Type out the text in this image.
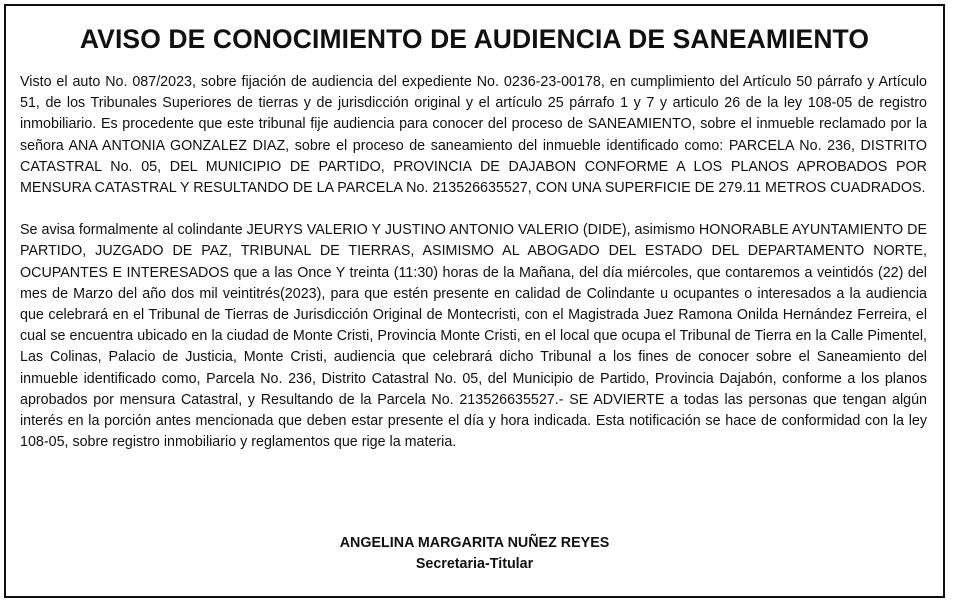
AVISO DE CONOCIMIENTO DE AUDIENCIA DE SANEAMIENTO

Visto el auto No. 087/2023, sobre fijación de audiencia del expediente No. 0236-23-00178, en cumplimiento del Artículo 50 párrafo y Artículo 51, de los Tribunales Superiores de tierras y de jurisdicción original y el artículo 25 párrafo 1 y 7 y articulo 26 de la ley 108-05 de registro inmobiliario. Es procedente que este tribunal fije audiencia para conocer del proceso de SANEAMIENTO, sobre el inmueble reclamado por la señora ANA ANTONIA GONZALEZ DIAZ, sobre el proceso de saneamiento del inmueble identificado como: PARCELA No. 236, DISTRITO CATASTRAL No. 05, DEL MUNICIPIO DE PARTIDO, PROVINCIA DE DAJABON CONFORME A LOS PLANOS APROBADOS POR MENSURA CATASTRAL Y RESULTANDO DE LA PARCELA No. 213526635527, CON UNA SUPERFICIE DE 279.11 METROS CUADRADOS.

Se avisa formalmente al colindante JEURYS VALERIO Y JUSTINO ANTONIO VALERIO (DIDE), asimismo HONORABLE AYUNTAMIENTO DE PARTIDO, JUZGADO DE PAZ, TRIBUNAL DE TIERRAS, ASIMISMO AL ABOGADO DEL ESTADO DEL DEPARTAMENTO NORTE, OCUPANTES E INTERESADOS que a las Once Y treinta (11:30) horas de la Mañana, del día miércoles, que contaremos a veintidós (22) del mes de Marzo del año dos mil veintitrés(2023), para que estén presente en calidad de Colindante u ocupantes o interesados a la audiencia que celebrará en el Tribunal de Tierras de Jurisdicción Original de Montecristi, con el Magistrada Juez Ramona Onilda Hernández Ferreira, el cual se encuentra ubicado en la ciudad de Monte Cristi, Provincia Monte Cristi, en el local que ocupa el Tribunal de Tierra en la Calle Pimentel, Las Colinas, Palacio de Justicia, Monte Cristi, audiencia que celebrará dicho Tribunal a los fines de conocer sobre el Saneamiento del inmueble identificado como, Parcela No. 236, Distrito Catastral No. 05, del Municipio de Partido, Provincia Dajabón, conforme a los planos aprobados por mensura Catastral, y Resultando de la Parcela No. 213526635527.- SE ADVIERTE a todas las personas que tengan algún interés en la porción antes mencionada que deben estar presente el día y hora indicada. Esta notificación se hace de conformidad con la ley 108-05, sobre registro inmobiliario y reglamentos que rige la materia.

ANGELINA MARGARITA NUÑEZ REYES
Secretaria-Titular
